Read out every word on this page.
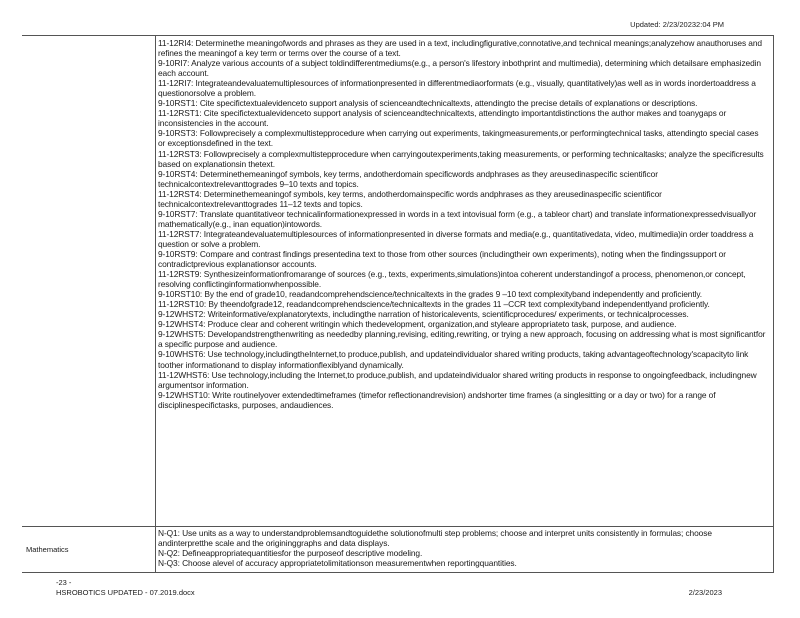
Updated: 2/23/20232:04 PM

11-12RI4: Determinethe meaningofwords and phrases as they are used in a text, includingfigurative,connotative,and technical meanings;analyzehow anauthoruses and refines the meaningof a key term or terms over the course of a text.

9-10RI7: Analyze various accounts of a subject toldindifferentmediums(e.g., a person's lifestory inbothprint and multimedia), determining which detailsare emphasizedin each account.

11-12RI7: Integrateandevaluatemultiplesources of informationpresented in differentmediaorformats (e.g., visually, quantitatively)as well as in words inordertoaddress a questionorsolve a problem.

9-10RST1: Cite specifictextualevidenceto support analysis of scienceandtechnicaltexts, attendingto the precise details of explanations or descriptions.

11-12RST1: Cite specifictextualevidenceto support analysis of scienceandtechnicaltexts, attendingto importantdistinctions the author makes and toanygaps or inconsistencies in the account.

9-10RST3: Followprecisely a complexmultistepprocedure when carrying out experiments, takingmeasurements,or performingtechnical tasks, attendingto special cases or exceptionsdefined in the text.

11-12RST3: Followprecisely a complexmultistepprocedure when carryingoutexperiments,taking measurements, or performing technicaltasks; analyze the specificresults based on explanationsin thetext.

9-10RST4: Determinethemeaningof symbols, key terms, andotherdomain specificwords andphrases as they areusedinaspecific scientificor technicalcontextrelevanttogrades 9–10 texts and topics.

11-12RST4: Determinethemeaningof symbols, key terms, andotherdomainspecific words andphrases as they areusedinaspecific scientificor technicalcontextrelevanttogrades 11–12 texts and topics.

9-10RST7: Translate quantitativeor technicalinformationexpressed in words in a text intovisual form (e.g., a tableor chart) and translate informationexpressedvisuallyor mathematically(e.g., inan equation)intowords.

11-12RST7: Integrateandevaluatemultiplesources of informationpresented in diverse formats and media(e.g., quantitativedata, video, multimedia)in order toaddress a question or solve a problem.

9-10RST9: Compare and contrast findings presentedina text to those from other sources (includingtheir own experiments), noting when the findingssupport or contradictprevious explanationsor accounts.

11-12RST9: Synthesizeinformationfromarange of sources (e.g., texts, experiments,simulations)intoa coherent understandingof a process, phenomenon,or concept, resolving conflictinginformationwhenpossible.

9-10RST10: By the end of grade10, readandcomprehendscience/technicaltexts in the grades 9 –10 text complexityband independently and proficiently.

11-12RST10: By theendofgrade12, readandcomprehendscience/technicaltexts in the grades 11 –CCR text complexityband independentlyand proficiently.

9-12WHST2: Writeinformative/explanatorytexts, includingthe narration of historicalevents, scientificprocedures/ experiments, or technicalprocesses.

9-12WHST4: Produce clear and coherent writingin which thedevelopment, organization,and styleare appropriateto task, purpose, and audience.

9-12WHST5: Developandstrengthenwriting as neededby planning,revising, editing,rewriting, or trying a new approach, focusing on addressing what is most significantfor a specific purpose and audience.

9-10WHST6: Use technology,includingtheInternet,to produce,publish, and updateindividualor shared writing products, taking advantageoftechnology'scapacityto link toother informationand to display informationflexiblyand dynamically.

11-12WHST6: Use technology,including the Internet,to produce,publish, and updateindividualor shared writing products in response to ongoingfeedback, includingnew argumentsor information.

9-12WHST10: Write routinelyover extendedtimeframes (timefor reflectionandrevision) andshorter time frames (a singlesitting or a day or two) for a range of disciplinespecifictasks, purposes, andaudiences.

Mathematics

N-Q1: Use units as a way to understandproblemsandtoguidethe solutionofmulti step problems; choose and interpret units consistently in formulas; choose andinterpretthe scale and the origininggraphs and data displays.

N-Q2: Defineappropriatequantitiesfor the purposeof descriptive modeling.

N-Q3: Choose alevel of accuracy appropriatetolimitationson measurementwhen reportingquantities.

-23 -
HSROBOTICS UPDATED - 07.2019.docx	2/23/2023
